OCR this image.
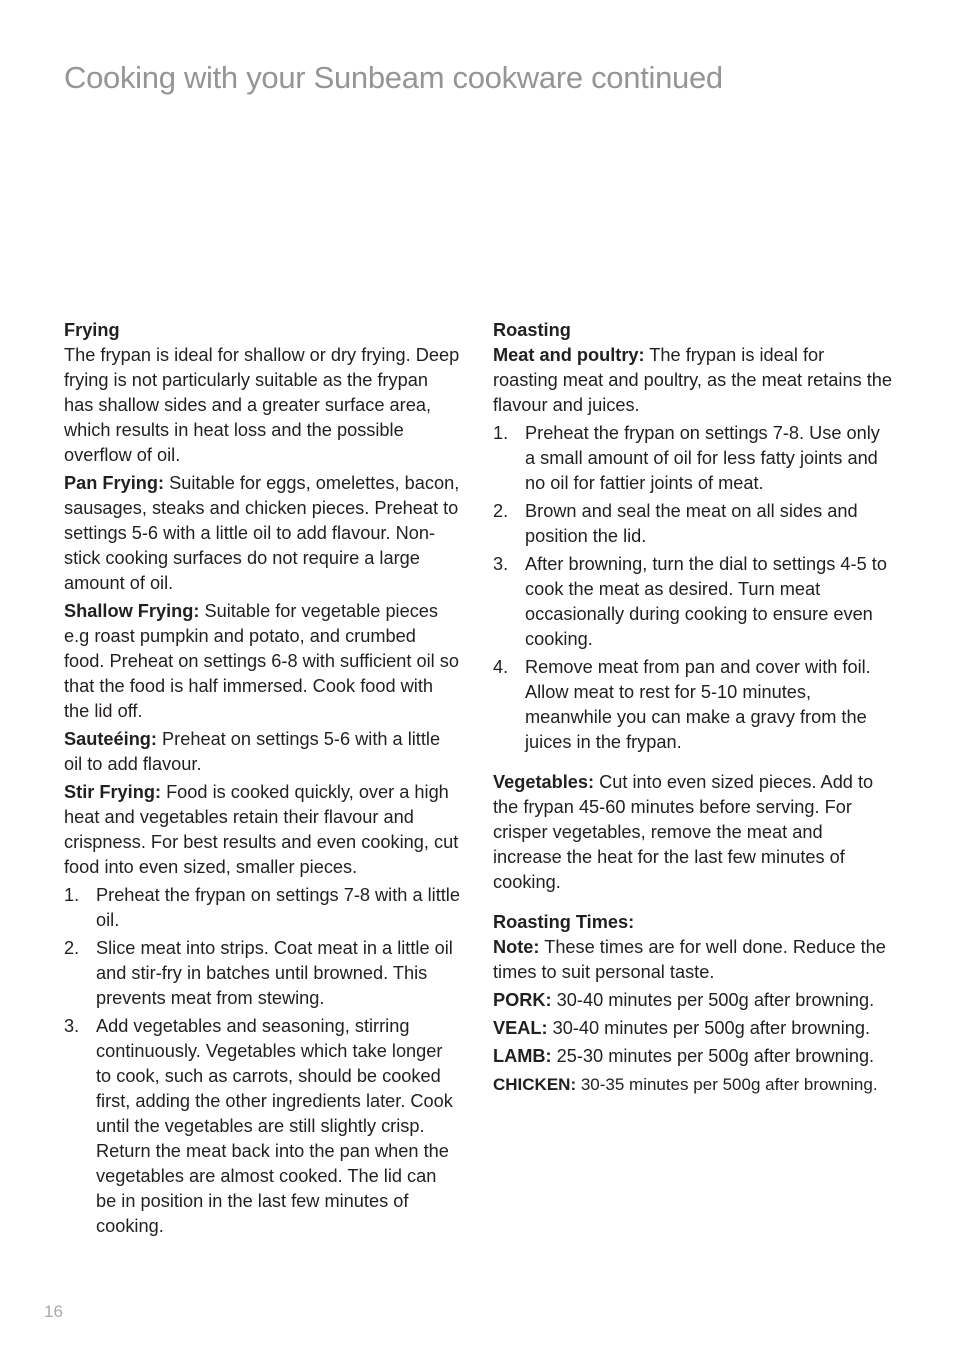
Cooking with your Sunbeam cookware continued

Frying

The frypan is ideal for shallow or dry frying. Deep frying is not particularly suitable as the frypan has shallow sides and a greater surface area, which results in heat loss and the possible overflow of oil.

Pan Frying: Suitable for eggs, omelettes, bacon, sausages, steaks and chicken pieces. Preheat to settings 5-6 with a little oil to add flavour. Non-stick cooking surfaces do not require a large amount of oil.

Shallow Frying: Suitable for vegetable pieces e.g roast pumpkin and potato, and crumbed food. Preheat on settings 6-8 with sufficient oil so that the food is half immersed. Cook food with the lid off.

Sauteéing: Preheat on settings 5-6 with a little oil to add flavour.

Stir Frying: Food is cooked quickly, over a high heat and vegetables retain their flavour and crispness. For best results and even cooking, cut food into even sized, smaller pieces.

1. Preheat the frypan on settings 7-8 with a little oil.
2. Slice meat into strips. Coat meat in a little oil and stir-fry in batches until browned. This prevents meat from stewing.
3. Add vegetables and seasoning, stirring continuously. Vegetables which take longer to cook, such as carrots, should be cooked first, adding the other ingredients later. Cook until the vegetables are still slightly crisp. Return the meat back into the pan when the vegetables are almost cooked. The lid can be in position in the last few minutes of cooking.

Roasting

Meat and poultry: The frypan is ideal for roasting meat and poultry, as the meat retains the flavour and juices.

1. Preheat the frypan on settings 7-8. Use only a small amount of oil for less fatty joints and no oil for fattier joints of meat.
2. Brown and seal the meat on all sides and position the lid.
3. After browning, turn the dial to settings 4-5 to cook the meat as desired. Turn meat occasionally during cooking to ensure even cooking.
4. Remove meat from pan and cover with foil. Allow meat to rest for 5-10 minutes, meanwhile you can make a gravy from the juices in the frypan.

Vegetables: Cut into even sized pieces. Add to the frypan 45-60 minutes before serving. For crisper vegetables, remove the meat and increase the heat for the last few minutes of cooking.

Roasting Times:

Note: These times are for well done. Reduce the times to suit personal taste.

PORK: 30-40 minutes per 500g after browning.

VEAL: 30-40 minutes per 500g after browning.

LAMB: 25-30 minutes per 500g after browning.

CHICKEN: 30-35 minutes per 500g after browning.

16
